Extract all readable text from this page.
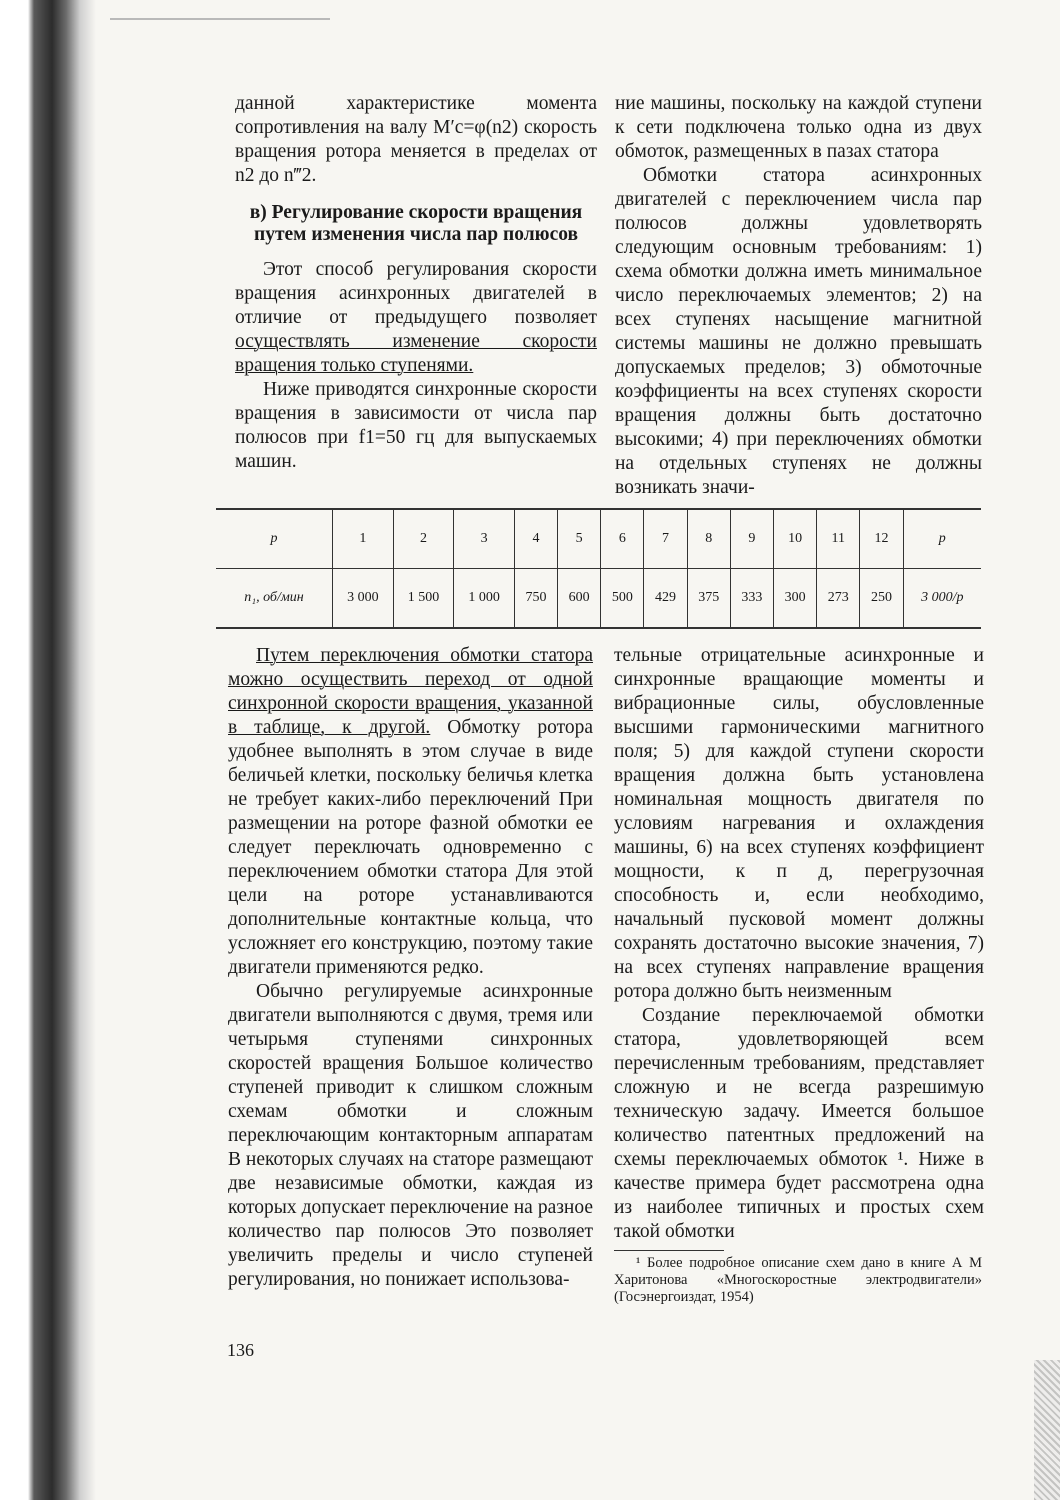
данной характеристике момента сопротивления на валу M′c=φ(n2) скорость вращения ротора меняется в пределах от n2 до n‴2.

в) Регулирование скорости вращения путем изменения числа пар полюсов

Этот способ регулирования скорости вращения асинхронных двигателей в отличие от предыдущего позволяет осуществлять изменение скорости вращения только ступенями.

Ниже приводятся синхронные скорости вращения в зависимости от числа пар полюсов при f1=50 гц для выпускаемых машин.

ние машины, поскольку на каждой ступени к сети подключена только одна из двух обмоток, размещенных в пазах статора

Обмотки статора асинхронных двигателей с переключением числа пар полюсов должны удовлетворять следующим основным требованиям: 1) схема обмотки должна иметь минимальное число переключаемых элементов; 2) на всех ступенях насыщение магнитной системы машины не должно превышать допускаемых пределов; 3) обмоточные коэффициенты на всех ступенях скорости вращения должны быть достаточно высокими; 4) при переключениях обмотки на отдельных ступенях не должны возникать значи-

p	1	2	3	4	5	6	7	8	9	10	11	12	p
n₁, об/мин	3 000	1 500	1 000	750	600	500	429	375	333	300	273	250	3 000/p

Путем переключения обмотки статора можно осуществить переход от одной синхронной скорости вращения, указанной в таблице, к другой. Обмотку ротора удобнее выполнять в этом случае в виде беличьей клетки, поскольку беличья клетка не требует каких-либо переключений При размещении на роторе фазной обмотки ее следует переключать одновременно с переключением обмотки статора Для этой цели на роторе устанавливаются дополнительные контактные кольца, что усложняет его конструкцию, поэтому такие двигатели применяются редко.

Обычно регулируемые асинхронные двигатели выполняются с двумя, тремя или четырьмя ступенями синхронных скоростей вращения Большое количество ступеней приводит к слишком сложным схемам обмотки и сложным переключающим контакторным аппаратам В некоторых случаях на статоре размещают две независимые обмотки, каждая из которых допускает переключение на разное количество пар полюсов Это позволяет увеличить пределы и число ступеней регулирования, но понижает использова-

тельные отрицательные асинхронные и синхронные вращающие моменты и вибрационные силы, обусловленные высшими гармоническими магнитного поля; 5) для каждой ступени скорости вращения должна быть установлена номинальная мощность двигателя по условиям нагревания и охлаждения машины, 6) на всех ступенях коэффициент мощности, к п д, перегрузочная способность и, если необходимо, начальный пусковой момент должны сохранять достаточно высокие значения, 7) на всех ступенях направление вращения ротора должно быть неизменным

Создание переключаемой обмотки статора, удовлетворяющей всем перечисленным требованиям, представляет сложную и не всегда разрешимую техническую задачу. Имеется большое количество патентных предложений на схемы переключаемых обмоток ¹. Ниже в качестве примера будет рассмотрена одна из наиболее типичных и простых схем такой обмотки

¹ Более подробное описание схем дано в книге А М Харитонова «Многоскоростные электродвигатели» (Госэнергоиздат, 1954)
136
